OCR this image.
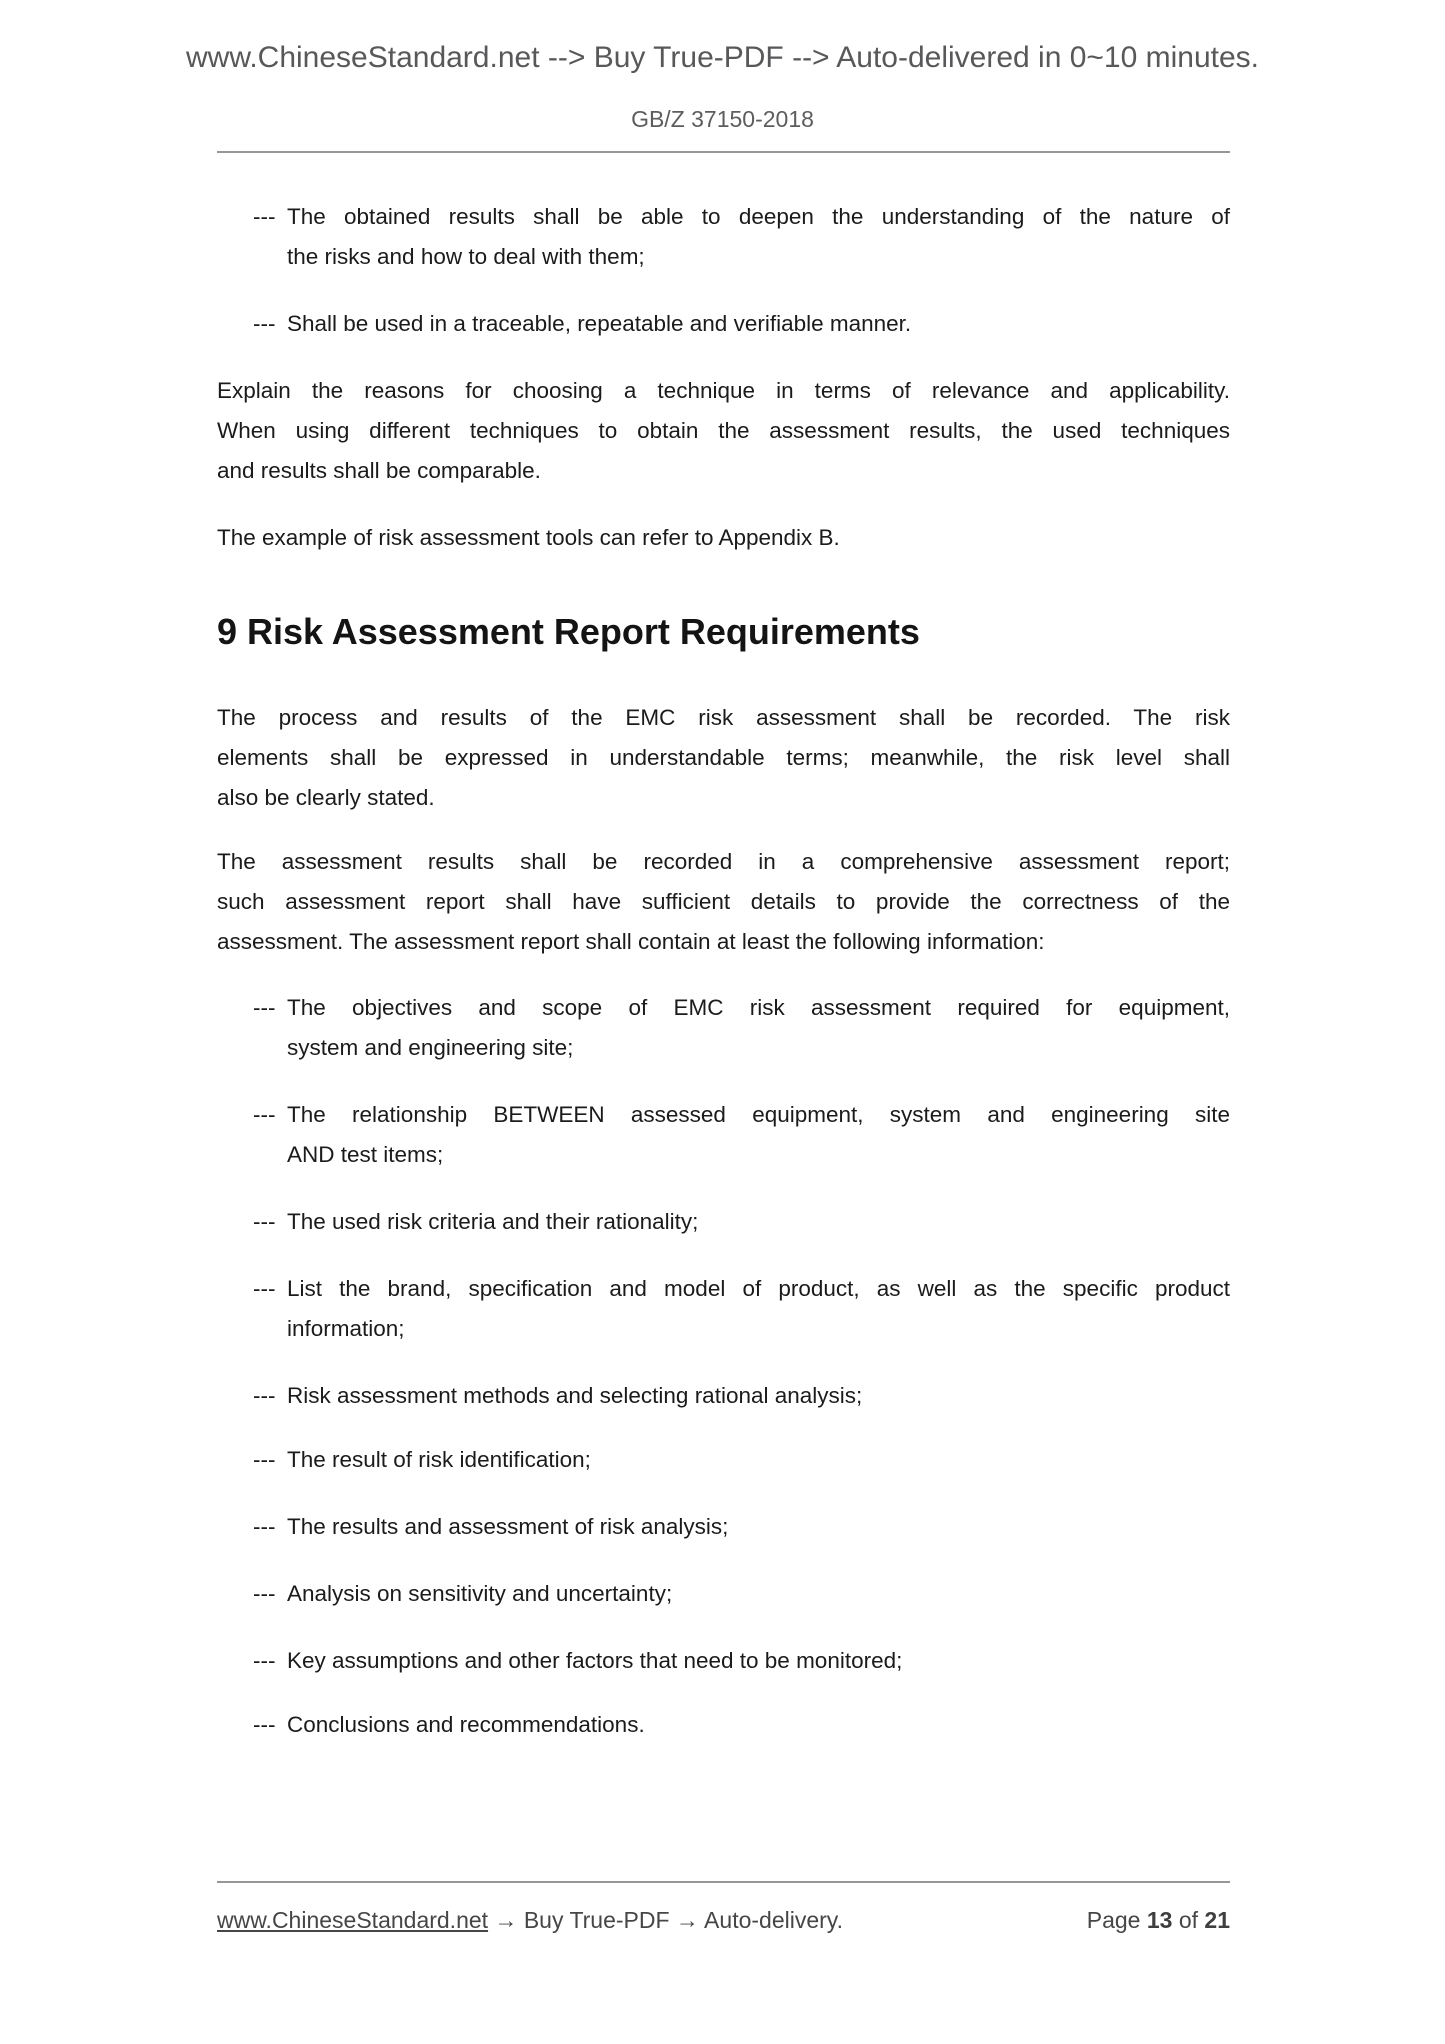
www.ChineseStandard.net --> Buy True-PDF --> Auto-delivered in 0~10 minutes.
GB/Z 37150-2018
--- The obtained results shall be able to deepen the understanding of the nature of
the risks and how to deal with them;
--- Shall be used in a traceable, repeatable and verifiable manner.
Explain the reasons for choosing a technique in terms of relevance and applicability.
When using different techniques to obtain the assessment results, the used techniques
and results shall be comparable.
The example of risk assessment tools can refer to Appendix B.
9 Risk Assessment Report Requirements
The process and results of the EMC risk assessment shall be recorded. The risk
elements shall be expressed in understandable terms; meanwhile, the risk level shall
also be clearly stated.
The assessment results shall be recorded in a comprehensive assessment report;
such assessment report shall have sufficient details to provide the correctness of the
assessment. The assessment report shall contain at least the following information:
--- The objectives and scope of EMC risk assessment required for equipment,
system and engineering site;
--- The relationship BETWEEN assessed equipment, system and engineering site
AND test items;
--- The used risk criteria and their rationality;
--- List the brand, specification and model of product, as well as the specific product
information;
--- Risk assessment methods and selecting rational analysis;
--- The result of risk identification;
--- The results and assessment of risk analysis;
--- Analysis on sensitivity and uncertainty;
--- Key assumptions and other factors that need to be monitored;
--- Conclusions and recommendations.
www.ChineseStandard.net → Buy True-PDF → Auto-delivery.	Page 13 of 21
